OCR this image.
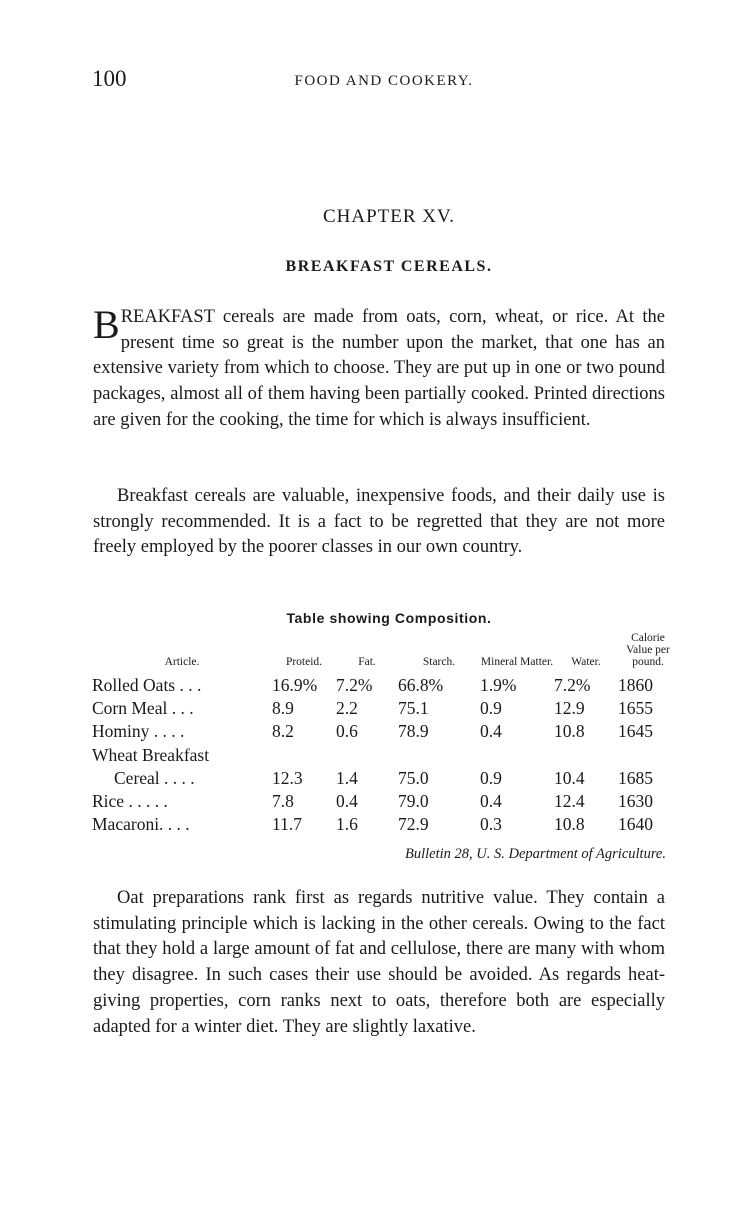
100	FOOD AND COOKERY.
CHAPTER XV.
BREAKFAST CEREALS.
BREAKFAST cereals are made from oats, corn, wheat, or rice. At the present time so great is the number upon the market, that one has an extensive variety from which to choose. They are put up in one or two pound packages, almost all of them having been partially cooked. Printed directions are given for the cooking, the time for which is always insufficient.
Breakfast cereals are valuable, inexpensive foods, and their daily use is strongly recommended. It is a fact to be regretted that they are not more freely employed by the poorer classes in our own country.
Table showing Composition.
Article.	Proteid.	Fat.	Starch.	Mineral Matter.	Water.	Calorie Value per pound.
Rolled Oats . . .	16.9%	7.2%	66.8%	1.9%	7.2%	1860
Corn Meal . . .	8.9	2.2	75.1	0.9	12.9	1655
Hominy . . . .	8.2	0.6	78.9	0.4	10.8	1645
Wheat Breakfast						
Cereal . . . .	12.3	1.4	75.0	0.9	10.4	1685
Rice . . . . .	7.8	0.4	79.0	0.4	12.4	1630
Macaroni. . . .	11.7	1.6	72.9	0.3	10.8	1640
Bulletin 28, U. S. Department of Agriculture.
Oat preparations rank first as regards nutritive value. They contain a stimulating principle which is lacking in the other cereals. Owing to the fact that they hold a large amount of fat and cellulose, there are many with whom they disagree. In such cases their use should be avoided. As regards heat-giving properties, corn ranks next to oats, therefore both are especially adapted for a winter diet. They are slightly laxative.
